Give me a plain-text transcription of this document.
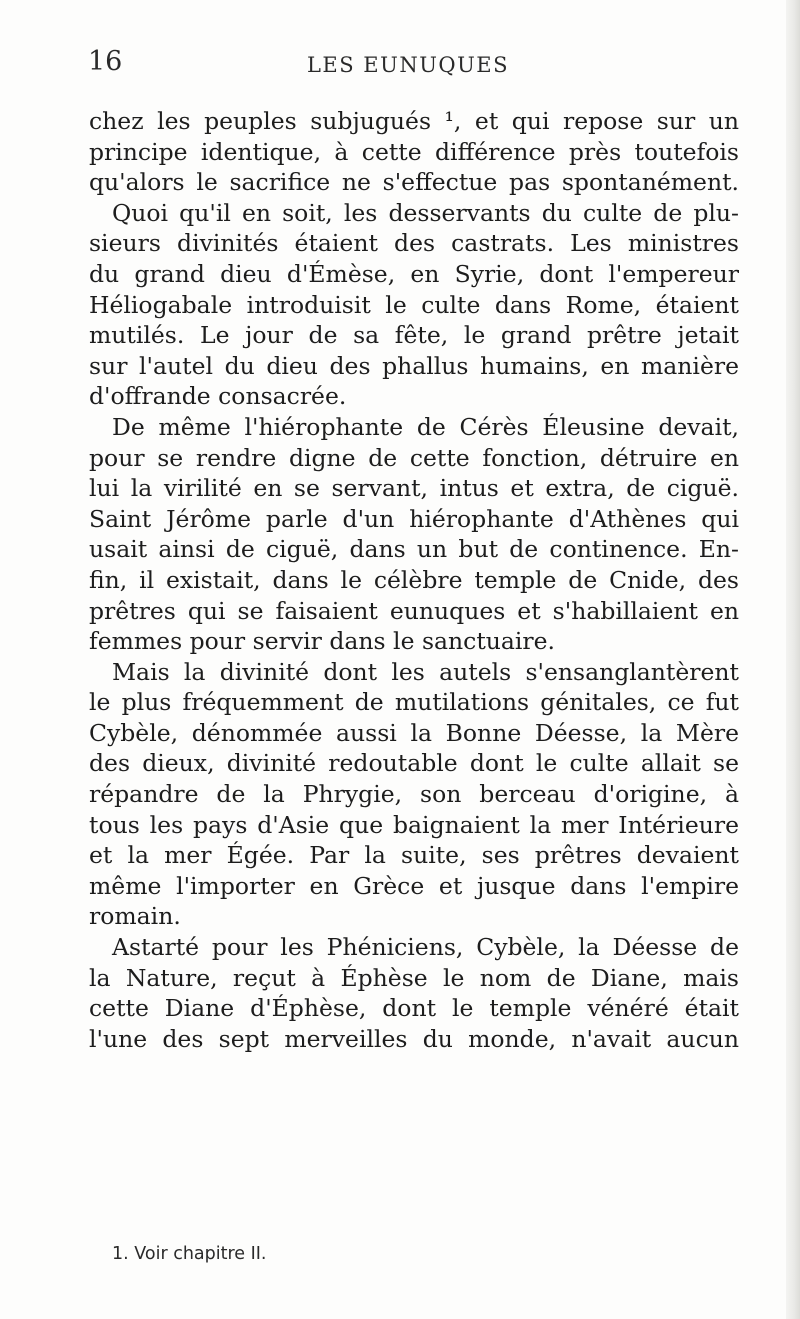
16	LES EUNUQUES
chez les peuples subjugués ¹, et qui repose sur un
principe identique, à cette différence près toutefois
qu'alors le sacrifice ne s'effectue pas spontanément.
Quoi qu'il en soit, les desservants du culte de plu-
sieurs divinités étaient des castrats. Les ministres
du grand dieu d'Émèse, en Syrie, dont l'empereur
Héliogabale introduisit le culte dans Rome, étaient
mutilés. Le jour de sa fête, le grand prêtre jetait
sur l'autel du dieu des phallus humains, en manière
d'offrande consacrée.
De même l'hiérophante de Cérès Éleusine devait,
pour se rendre digne de cette fonction, détruire en
lui la virilité en se servant, intus et extra, de ciguë.
Saint Jérôme parle d'un hiérophante d'Athènes qui
usait ainsi de ciguë, dans un but de continence. En-
fin, il existait, dans le célèbre temple de Cnide, des
prêtres qui se faisaient eunuques et s'habillaient en
femmes pour servir dans le sanctuaire.
Mais la divinité dont les autels s'ensanglantèrent
le plus fréquemment de mutilations génitales, ce fut
Cybèle, dénommée aussi la Bonne Déesse, la Mère
des dieux, divinité redoutable dont le culte allait se
répandre de la Phrygie, son berceau d'origine, à
tous les pays d'Asie que baignaient la mer Intérieure
et la mer Égée. Par la suite, ses prêtres devaient
même l'importer en Grèce et jusque dans l'empire
romain.
Astarté pour les Phéniciens, Cybèle, la Déesse de
la Nature, reçut à Éphèse le nom de Diane, mais
cette Diane d'Éphèse, dont le temple vénéré était
l'une des sept merveilles du monde, n'avait aucun
1. Voir chapitre II.
